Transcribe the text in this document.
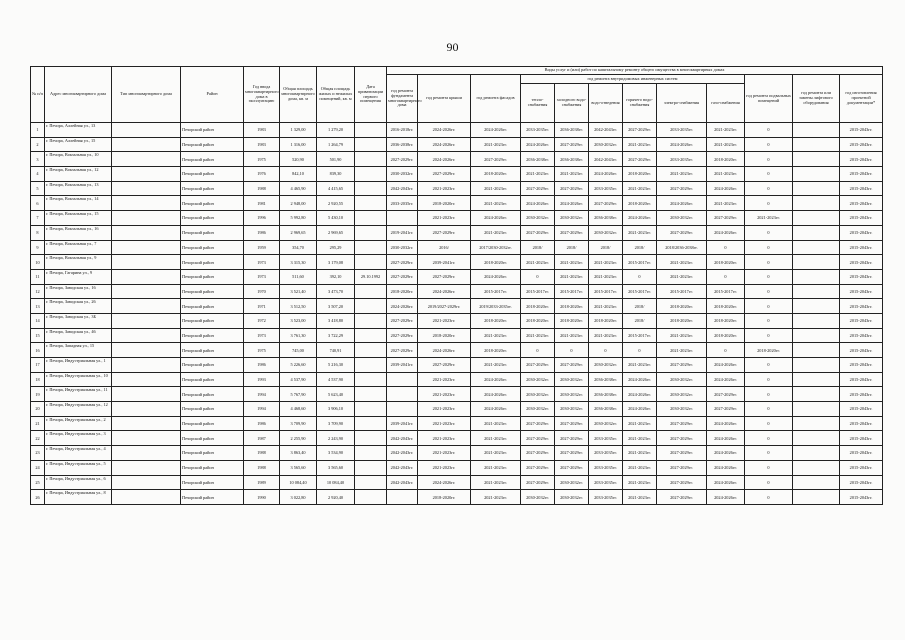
90
№ п/п	Адрес многоквартирного дома	Тип многоквартирного дома	Район	Год ввода многоквартирного дома в эксплуатацию	Общая площадь многоквартирного дома, кв. м	Общая площадь жилых и нежилых помещений, кв. м	Дата приватизации первого помещения	Виды услуг и (или) работ по капитальному ремонту общего имущества в многоквартирных домах											
								год ремонта фундамента многоквартирного дома	год ремонта крыши	год ремонта фасадов	год ремонта внутридомовых инженерных систем						год ремонта подвальных помещений	год ремонта или замены лифтового оборудования	год изготовления проектной документации*
											тепло-снабжения	холодного водо-снабжения	водо-отведения	горячего водо-снабжения	электро-снабжения	газо-снабжения			
1	г. Печора, Аллейная ул., 13		Печорский район	1983	1 329,00	1 279,20		2016-2018гг.	2024-2026гг.	2024-2026гг.	2033-2035гг.	2036-2038гг.	2042-2043гг.	2027-2029гг.	2033-2035гг.	2021-2023гг.	0		2015-2043гг.
2	г. Печора, Аллейная ул., 15		Печорский район	1983	1 316,00	1 264,79		2036-2038гг.	2024-2026гг.	2021-2023гг.	2024-2026гг.	2027-2029гг.	2030-2032гг.	2021-2023гг.	2024-2026гг.	2021-2023гг.	0		2015-2043гг.
3	г. Печора, Вокзальная ул., 10		Печорский район	1975	520,90	501,90		2027-2029гг.	2024-2026гг.	2027-2029гг.	2036-2038гг.	2036-2038гг.	2042-2043гг.	2027-2029гг.	2033-2035гг.	2018-2020гг.	0		2015-2043гг.
4	г. Печора, Вокзальная ул., 12		Печорский район	1976	842,10	839,30		2030-2032гг.	2027-2029гг.	2018-2020гг.	2021-2023гг.	2021-2023гг.	2024-2026гг.	2018-2020гг.	2021-2023гг.	2021-2023гг.	0		2015-2043гг.
5	г. Печора, Вокзальная ул., 13		Печорский район	1988	4 465,90	4 415,65		2042-2043гг.	2021-2023гг.	2021-2023гг.	2027-2029гг.	2027-2029гг.	2033-2035гг.	2021-2023гг.	2027-2029гг.	2024-2026гг.	0		2015-2043гг.
6	г. Печора, Вокзальная ул., 14		Печорский район	1981	2 948,00	2 920,55		2033-2035гг.	2018-2020гг.	2021-2023гг.	2024-2026гг.	2024-2026гг.	2027-2029гг.	2018-2020гг.	2024-2026гг.	2021-2023гг.	0		2015-2043гг.
7	г. Печора, Вокзальная ул., 15		Печорский район	1996	5 992,80	5 430,10			2021-2023гг.	2024-2026гг.	2030-2032гг.	2030-2032гг.	2036-2038гг.	2024-2026гг.	2030-2032гг.	2027-2029гг.	2021-2023гг.		2015-2043гг.
8	г. Печора, Вокзальная ул., 16		Печорский район	1986	2 969,65	2 969,65		2019-2041гг.	2027-2029гг.	2021-2023гг.	2027-2029гг.	2027-2029гг.	2030-2032гг.	2021-2023гг.	2027-2029гг.	2024-2026гг.	0		2015-2043гг.
9	г. Печора, Вокзальная ул., 7		Печорский район	1959	354,70	295,29		2030-2032гг.	2016/	2017/2030-2032гг.	2018/	2018/	2018/	2018/	2018/2036-2038гг.	0	0		2015-2043гг.
10	г. Печора, Вокзальная ул., 9		Печорский район	1973	3 315,30	3 179,08		2027-2029гг.	2039-2041гг.	2018-2020гг.	2021-2023гг.	2021-2023гг.	2021-2023гг.	2015-2017гг.	2021-2023гг.	2018-2020гг.	0		2015-2043гг.
11	г. Печора, Гагарина ул., 9		Печорский район	1973	511,60	392,10	29.10.1992	2027-2029гг.	2027-2029гг.	2024-2026гг.	0	2021-2023гг.	2021-2023гг.	0	2021-2023гг.	0	0		2015-2043гг.
12	г. Печора, Заводская ул., 16		Печорский район	1970	3 521,40	3 473,70		2018-2020гг.	2024-2026гг.	2015-2017гг.	2015-2017гг.	2015-2017гг.	2015-2017гг.	2015-2017гг.	2015-2017гг.	2015-2017гг.	0		2015-2043гг.
13	г. Печора, Заводская ул., 26		Печорский район	1971	3 512,50	3 507,20		2024-2026гг.	2019/2027-2029гг.	2019/2033-2035гг.	2018-2020гг.	2018-2020гг.	2021-2023гг.	2018/	2018-2020гг.	2018-2020гг.	0		2015-2043гг.
14	г. Печора, Заводская ул., 3Б		Печорский район	1972	3 523,00	3 418,80		2027-2029гг.	2021-2023гг.	2018-2020гг.	2018-2020гг.	2018-2020гг.	2018-2020гг.	2018/	2018-2020гг.	2018-2020гг.	0		2015-2043гг.
15	г. Печора, Заводская ул., 46		Печорский район	1973	3 761,30	3 722,29		2027-2029гг.	2018-2020гг.	2021-2023гг.	2021-2023гг.	2021-2023гг.	2021-2023гг.	2015-2017гг.	2021-2023гг.	2018-2020гг.	0		2015-2043гг.
16	г. Печора, Западная ул., 15		Печорский район	1975	745,00	740,91		2027-2029гг.	2024-2026гг.	2018-2020гг.	0	0	0	0	2021-2023гг.	0	2018-2020гг.		2015-2043гг.
17	г. Печора, Индустриальная ул., 1		Печорский район	1986	5 226,60	5 216,30		2039-2041гг.	2027-2029гг.	2021-2023гг.	2027-2029гг.	2027-2029гг.	2030-2032гг.	2021-2023гг.	2027-2029гг.	2024-2026гг.	0		2015-2043гг.
18	г. Печора, Индустриальная ул., 10		Печорский район	1993	4 537,90	4 537,90			2021-2023гг.	2024-2026гг.	2030-2032гг.	2030-2032гг.	2036-2038гг.	2024-2026гг.	2030-2032гг.	2024-2026гг.	0		2015-2043гг.
19	г. Печора, Индустриальная ул., 11		Печорский район	1994	5 767,90	5 623,40			2021-2023гг.	2024-2026гг.	2030-2032гг.	2030-2032гг.	2036-2038гг.	2024-2026гг.	2030-2032гг.	2027-2029гг.	0		2015-2043гг.
20	г. Печора, Индустриальная ул., 12		Печорский район	1994	4 468,60	3 906,10			2021-2023гг.	2024-2026гг.	2030-2032гг.	2030-2032гг.	2036-2038гг.	2024-2026гг.	2030-2032гг.	2027-2029гг.	0		2015-2043гг.
21	г. Печора, Индустриальная ул., 2		Печорский район	1986	3 709,90	3 709,90		2039-2041гг.	2021-2023гг.	2021-2023гг.	2027-2029гг.	2027-2029гг.	2030-2032гг.	2021-2023гг.	2027-2029гг.	2024-2026гг.	0		2015-2043гг.
22	г. Печора, Индустриальная ул., 3		Печорский район	1987	2 255,90	2 243,90		2042-2043гг.	2021-2023гг.	2021-2023гг.	2027-2029гг.	2027-2029гг.	2033-2035гг.	2021-2023гг.	2027-2029гг.	2024-2026гг.	0		2015-2043гг.
23	г. Печора, Индустриальная ул., 4		Печорский район	1988	3 863,40	3 534,90		2042-2043гг.	2021-2023гг.	2021-2023гг.	2027-2029гг.	2027-2029гг.	2033-2035гг.	2021-2023гг.	2027-2029гг.	2024-2026гг.	0		2015-2043гг.
24	г. Печора, Индустриальная ул., 5		Печорский район	1988	3 565,60	3 565,60		2042-2043гг.	2021-2023гг.	2021-2023гг.	2027-2029гг.	2027-2029гг.	2033-2035гг.	2021-2023гг.	2027-2029гг.	2024-2026гг.	0		2015-2043гг.
25	г. Печора, Индустриальная ул., 6		Печорский район	1989	10 084,40	10 084,40		2042-2043гг.	2024-2026гг.	2021-2023гг.	2027-2029гг.	2030-2032гг.	2033-2035гг.	2021-2023гг.	2027-2029гг.	2024-2026гг.	0		2015-2043гг.
26	г. Печора, Индустриальная ул., 8		Печорский район	1990	3 022,80	2 920,40			2018-2020гг.	2021-2023гг.	2030-2032гг.	2030-2032гг.	2033-2035гг.	2021-2023гг.	2027-2029гг.	2024-2026гг.	0		2015-2043гг.
